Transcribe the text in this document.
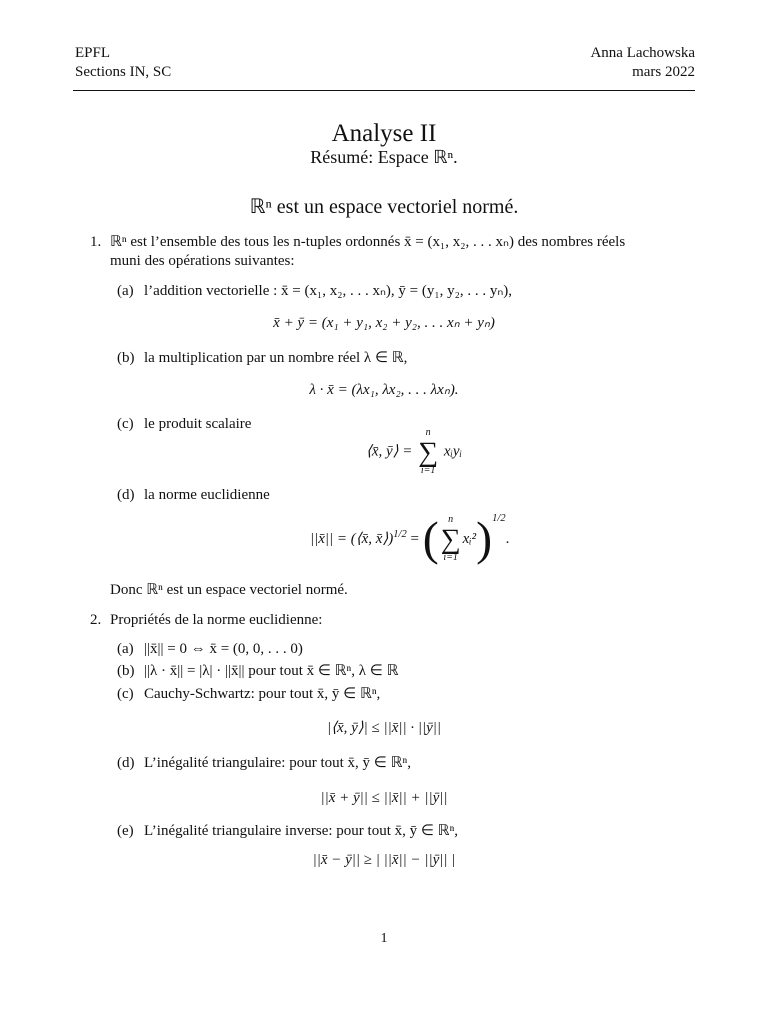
EPFL
Sections IN, SC
Anna Lachowska
mars 2022
Analyse II
Résumé: Espace ℝⁿ.
ℝⁿ est un espace vectoriel normé.
1. ℝⁿ est l’ensemble des tous les n-tuples ordonnés x̄ = (x₁, x₂, . . . xₙ) des nombres réels
muni des opérations suivantes:
(a) l’addition vectorielle : x̄ = (x₁, x₂, . . . xₙ), ȳ = (y₁, y₂, . . . yₙ),
x̄ + ȳ = (x₁ + y₁, x₂ + y₂, . . . xₙ + yₙ)
(b) la multiplication par un nombre réel λ ∈ ℝ,
λ · x̄ = (λx₁, λx₂, . . . λxₙ).
(c) le produit scalaire
⟨x̄, ȳ⟩ =
n
∑
i=1
xᵢyᵢ
(d) la norme euclidienne
||x̄|| = (⟨x̄, x̄⟩)$^{1/2}$ = ( n
∑
i=1
xᵢ²)$^{1/2}$.
Donc ℝⁿ est un espace vectoriel normé.
2. Propriétés de la norme euclidienne:
(a) ||x̄|| = 0 ⇔ x̄ = (0, 0, . . . 0)
(b) ||λ · x̄|| = |λ| · ||x̄|| pour tout x̄ ∈ ℝⁿ, λ ∈ ℝ
(c) Cauchy-Schwartz: pour tout x̄, ȳ ∈ ℝⁿ,
|⟨x̄, ȳ⟩| ≤ ||x̄|| · ||ȳ||
(d) L’inégalité triangulaire: pour tout x̄, ȳ ∈ ℝⁿ,
||x̄ + ȳ|| ≤ ||x̄|| + ||ȳ||
(e) L’inégalité triangulaire inverse: pour tout x̄, ȳ ∈ ℝⁿ,
||x̄ − ȳ|| ≥ | ||x̄|| − ||ȳ|| |
1
